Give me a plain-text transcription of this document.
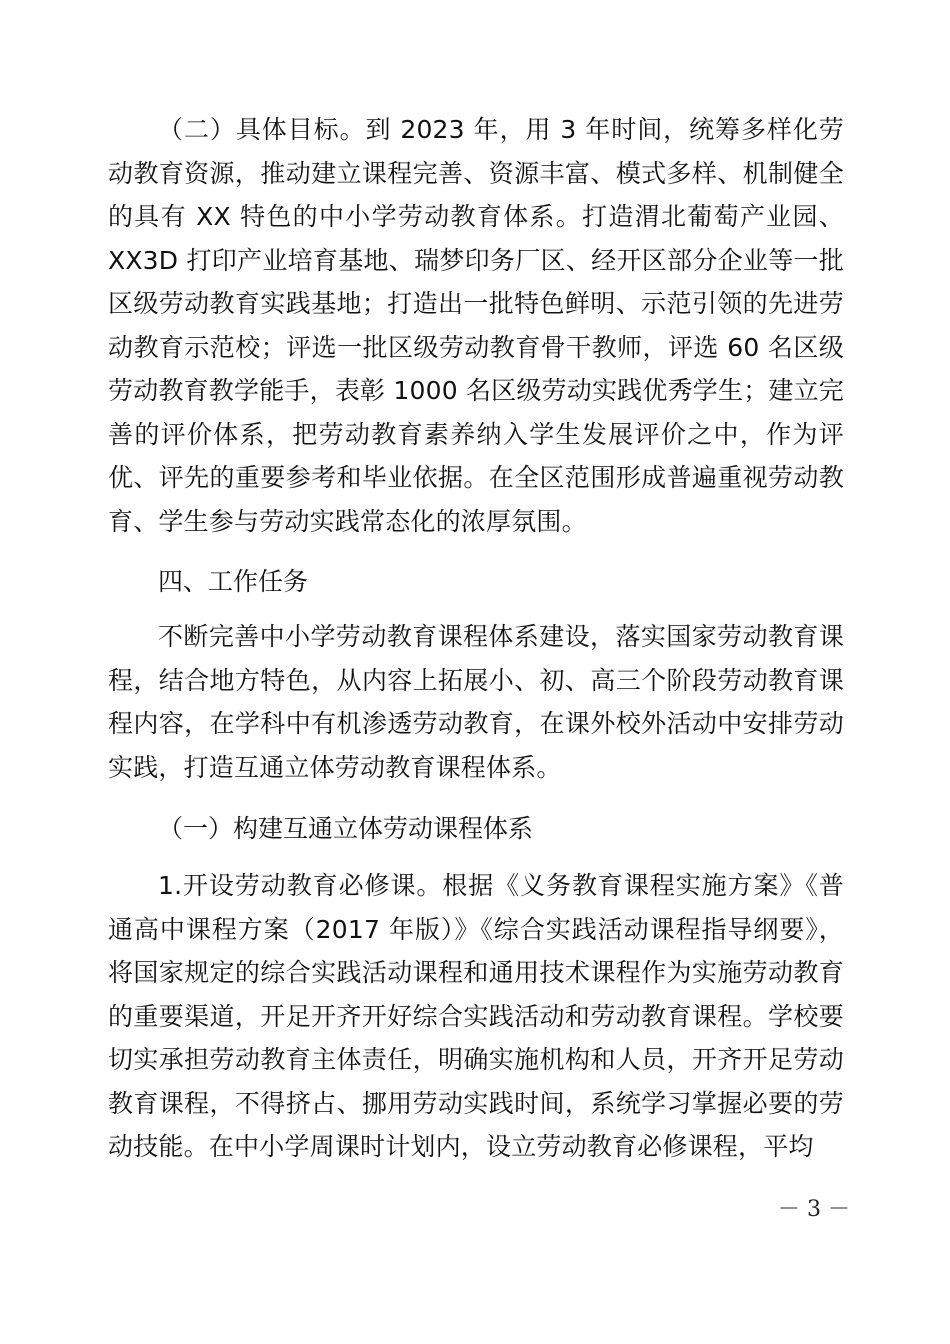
（二）具体目标。到 2023 年，用 3 年时间，统筹多样化劳动教育资源，推动建立课程完善、资源丰富、模式多样、机制健全的具有 XX 特色的中小学劳动教育体系。打造渭北葡萄产业园、XX3D 打印产业培育基地、瑞梦印务厂区、经开区部分企业等一批区级劳动教育实践基地；打造出一批特色鲜明、示范引领的先进劳动教育示范校；评选一批区级劳动教育骨干教师，评选 60 名区级劳动教育教学能手，表彰 1000 名区级劳动实践优秀学生；建立完善的评价体系，把劳动教育素养纳入学生发展评价之中，作为评优、评先的重要参考和毕业依据。在全区范围形成普遍重视劳动教育、学生参与劳动实践常态化的浓厚氛围。

四、工作任务

不断完善中小学劳动教育课程体系建设，落实国家劳动教育课程，结合地方特色，从内容上拓展小、初、高三个阶段劳动教育课程内容，在学科中有机渗透劳动教育，在课外校外活动中安排劳动实践，打造互通立体劳动教育课程体系。

（一）构建互通立体劳动课程体系

1.开设劳动教育必修课。根据《义务教育课程实施方案》《普通高中课程方案（2017 年版）》《综合实践活动课程指导纲要》，将国家规定的综合实践活动课程和通用技术课程作为实施劳动教育的重要渠道，开足开齐开好综合实践活动和劳动教育课程。学校要切实承担劳动教育主体责任，明确实施机构和人员，开齐开足劳动教育课程，不得挤占、挪用劳动实践时间，系统学习掌握必要的劳动技能。在中小学周课时计划内，设立劳动教育必修课程，平均

－ 3 －
